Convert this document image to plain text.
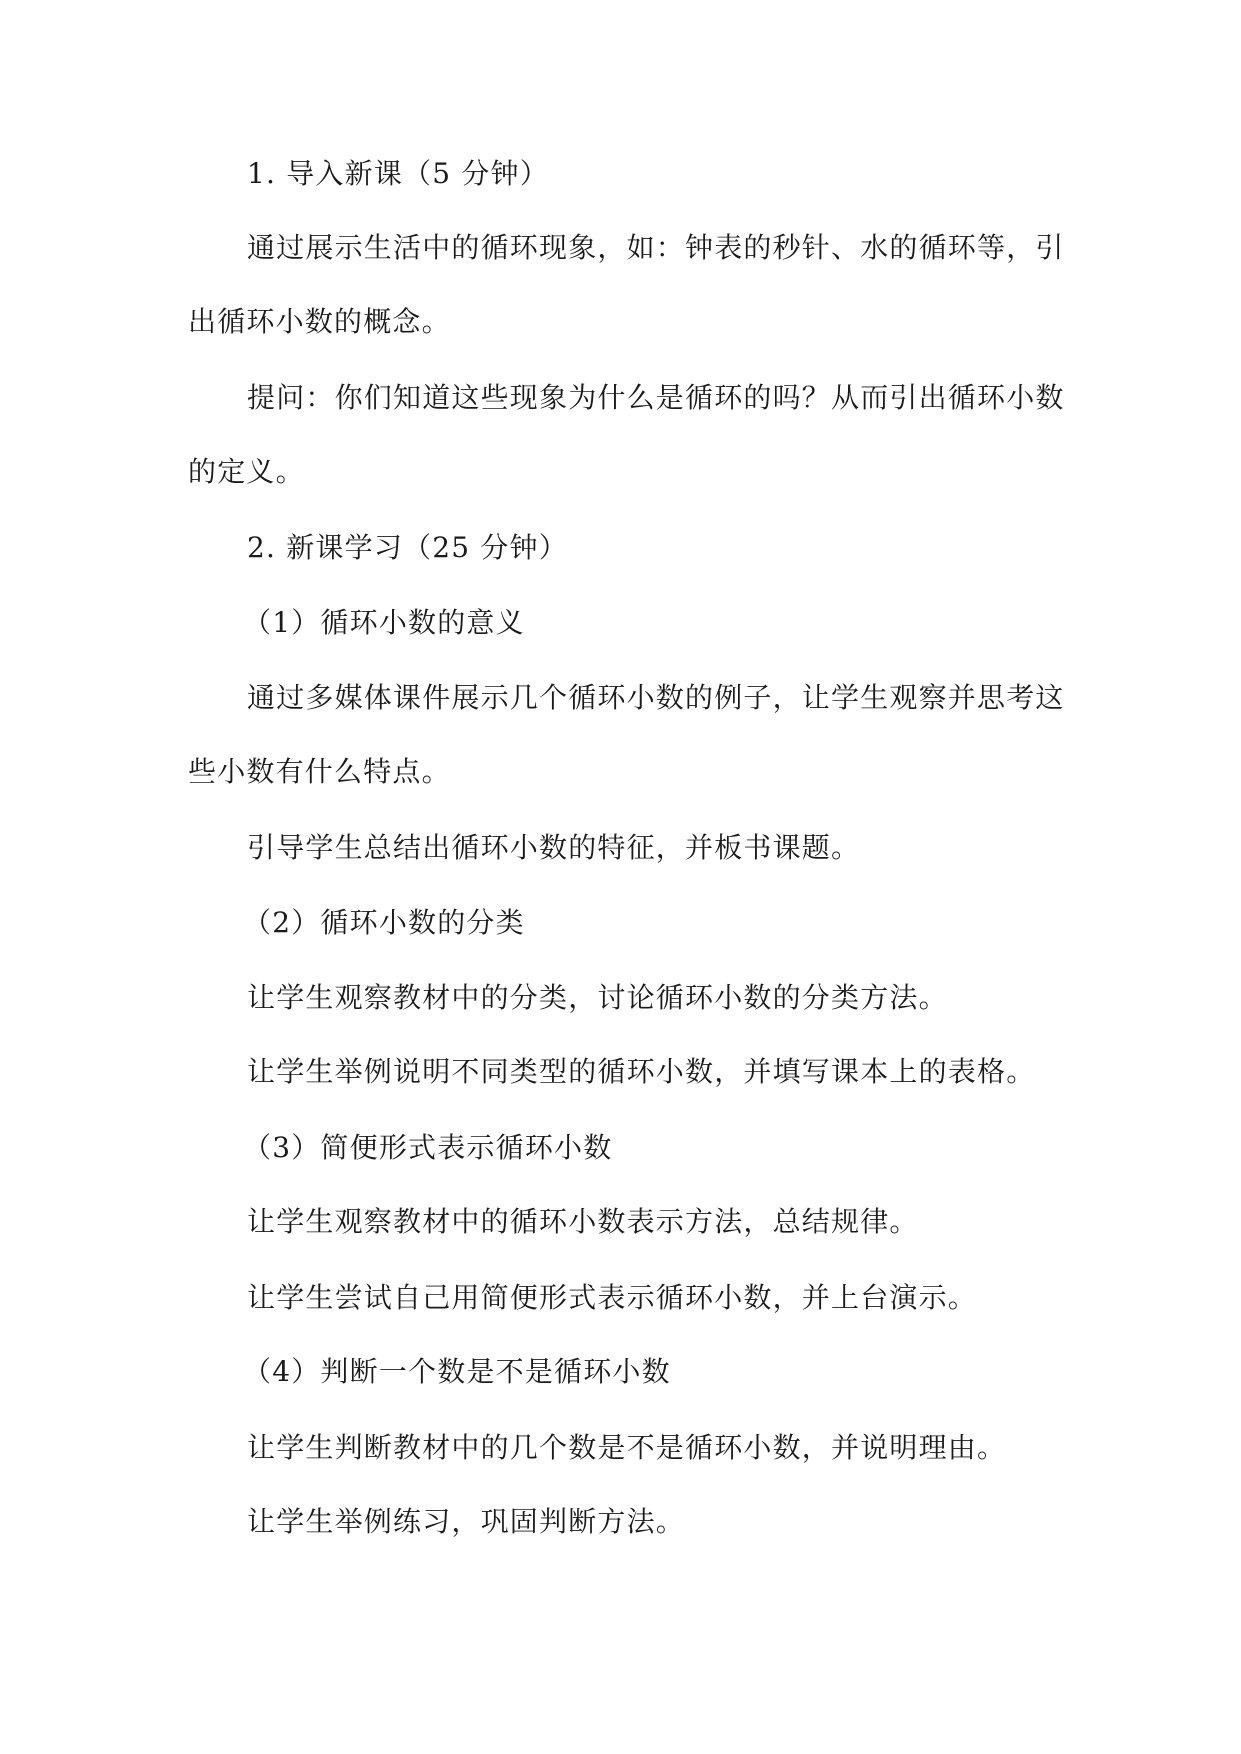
1. 导入新课（5 分钟）

通过展示生活中的循环现象，如：钟表的秒针、水的循环等，引

出循环小数的概念。

提问：你们知道这些现象为什么是循环的吗？从而引出循环小数

的定义。

2. 新课学习（25 分钟）

（1）循环小数的意义

通过多媒体课件展示几个循环小数的例子，让学生观察并思考这

些小数有什么特点。

引导学生总结出循环小数的特征，并板书课题。

（2）循环小数的分类

让学生观察教材中的分类，讨论循环小数的分类方法。

让学生举例说明不同类型的循环小数，并填写课本上的表格。

（3）简便形式表示循环小数

让学生观察教材中的循环小数表示方法，总结规律。

让学生尝试自己用简便形式表示循环小数，并上台演示。

（4）判断一个数是不是循环小数

让学生判断教材中的几个数是不是循环小数，并说明理由。

让学生举例练习，巩固判断方法。
